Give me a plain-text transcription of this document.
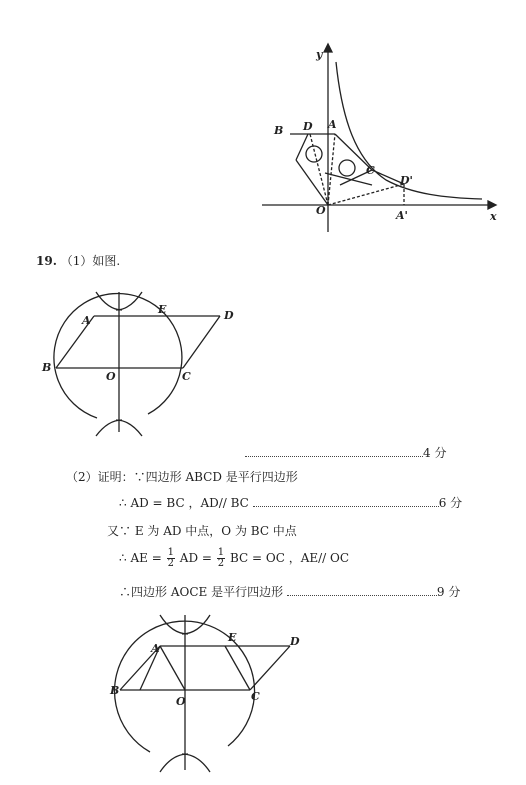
y
x
O
A
B
C
D
D'
A'
19. （1）如图.
A
E	D
B
O	C
4 分
（2）证明：∵四边形 ABCD 是平行四边形
∴ AD = BC ，AD// BC	6 分
又∵ E 为 AD 中点，O 为 BC 中点
∴ AE = $\frac{1}{2}$ AD = $\frac{1}{2}$ BC = OC ，AE// OC
∴四边形 AOCE 是平行四边形	9 分
A
E	D
B
O	C
